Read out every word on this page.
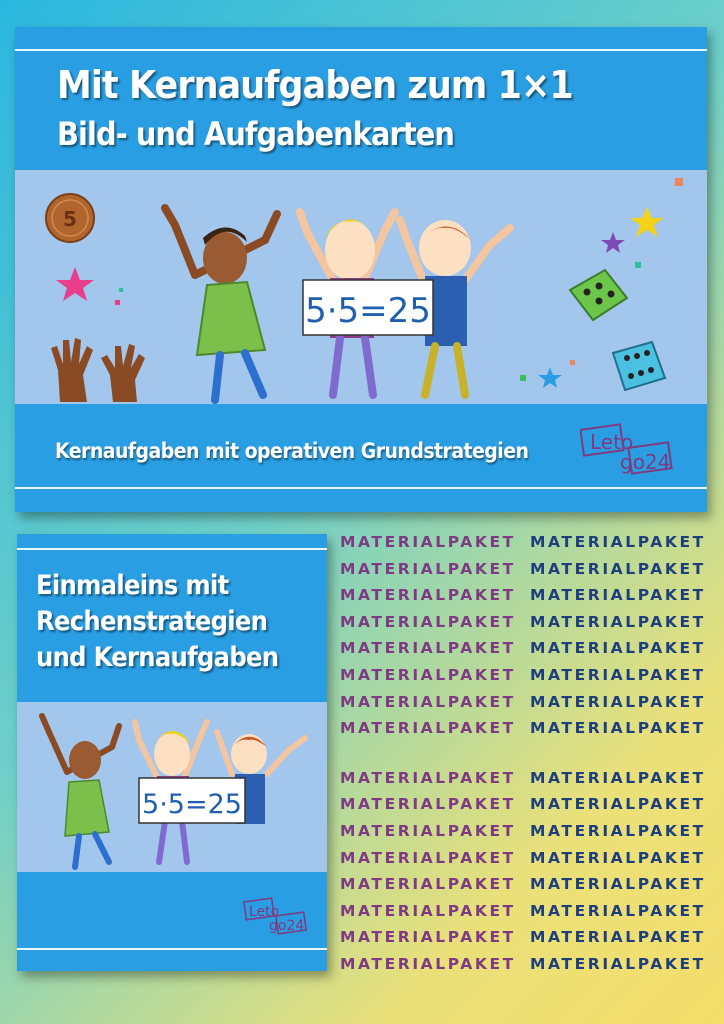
Mit Kernaufgaben zum 1×1
Bild- und Aufgabenkarten
5
5·5=25

Kernaufgaben mit operativen Grundstrategien	Leto
go24
Einmaleins mit
Rechenstrategien
und Kernaufgaben
5·5=25
Leto
go24
MATERIALPAKET MATERIALPAKET
MATERIALPAKET MATERIALPAKET
MATERIALPAKET MATERIALPAKET
MATERIALPAKET MATERIALPAKET
MATERIALPAKET MATERIALPAKET
MATERIALPAKET MATERIALPAKET
MATERIALPAKET MATERIALPAKET
MATERIALPAKET MATERIALPAKET
MATERIALPAKET MATERIALPAKET
MATERIALPAKET MATERIALPAKET
MATERIALPAKET MATERIALPAKET
MATERIALPAKET MATERIALPAKET
MATERIALPAKET MATERIALPAKET
MATERIALPAKET MATERIALPAKET
MATERIALPAKET MATERIALPAKET
MATERIALPAKET MATERIALPAKET
